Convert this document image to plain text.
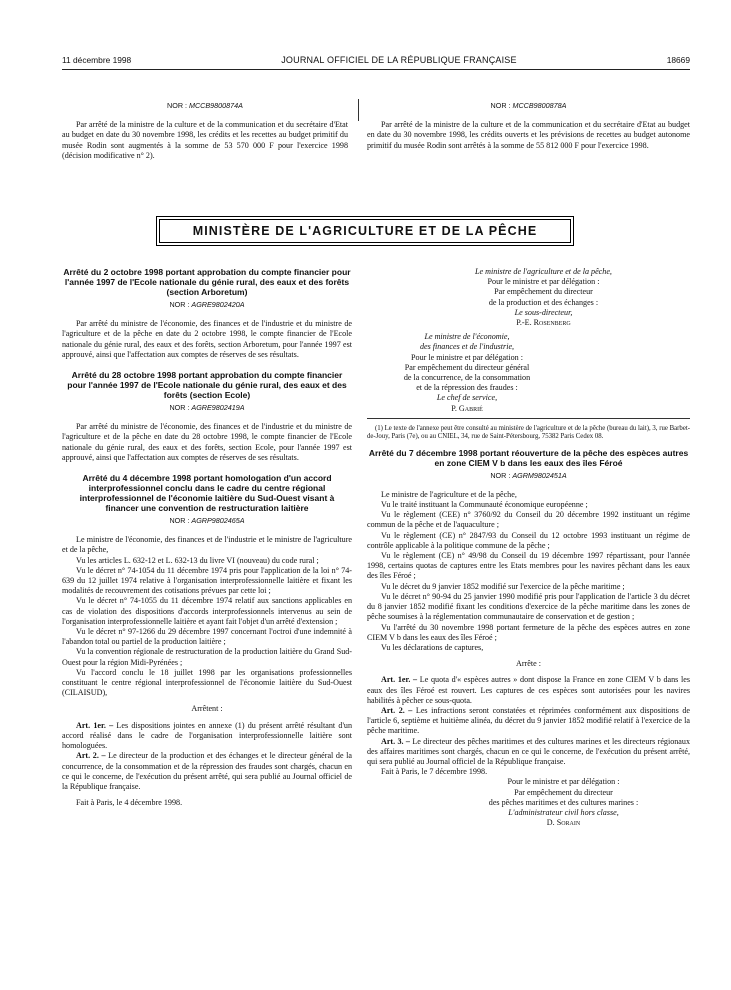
11 décembre 1998	JOURNAL OFFICIEL DE LA RÉPUBLIQUE FRANÇAISE	18669
NOR : MCCB9800874A

Par arrêté de la ministre de la culture et de la communication et du secrétaire d'Etat au budget en date du 30 novembre 1998, les crédits et les recettes au budget primitif du musée Rodin sont augmentés à la somme de 53 570 000 F pour l'exercice 1998 (décision modificative n° 2).

NOR : MCCB9800878A

Par arrêté de la ministre de la culture et de la communication et du secrétaire d'Etat au budget en date du 30 novembre 1998, les crédits ouverts et les prévisions de recettes au budget autonome primitif du musée Rodin sont arrêtés à la somme de 55 812 000 F pour l'exercice 1998.

MINISTÈRE DE L'AGRICULTURE ET DE LA PÊCHE
Arrêté du 2 octobre 1998 portant approbation du compte financier pour l'année 1997 de l'Ecole nationale du génie rural, des eaux et des forêts (section Arboretum)
NOR : AGRE9802420A

Par arrêté du ministre de l'économie, des finances et de l'industrie et du ministre de l'agriculture et de la pêche en date du 2 octobre 1998, le compte financier de l'Ecole nationale du génie rural, des eaux et des forêts, section Arboretum, pour l'année 1997 est approuvé, ainsi que l'affectation aux comptes de réserves de ses résultats.

Arrêté du 28 octobre 1998 portant approbation du compte financier pour l'année 1997 de l'Ecole nationale du génie rural, des eaux et des forêts (section Ecole)
NOR : AGRE9802419A

Par arrêté du ministre de l'économie, des finances et de l'industrie et du ministre de l'agriculture et de la pêche en date du 28 octobre 1998, le compte financier de l'Ecole nationale du génie rural, des eaux et des forêts, section Ecole, pour l'année 1997 est approuvé, ainsi que l'affectation aux comptes de réserves de ses résultats.

Arrêté du 4 décembre 1998 portant homologation d'un accord interprofessionnel conclu dans le cadre du centre régional interprofessionnel de l'économie laitière du Sud-Ouest visant à financer une convention de restructuration laitière
NOR : AGRP9802465A

Le ministre de l'économie, des finances et de l'industrie et le ministre de l'agriculture et de la pêche,

Vu les articles L. 632-12 et L. 632-13 du livre VI (nouveau) du code rural ;

Vu le décret n° 74-1054 du 11 décembre 1974 pris pour l'application de la loi n° 74-639 du 12 juillet 1974 relative à l'organisation interprofessionnelle laitière et fixant les modalités de recouvrement des cotisations prévues par cette loi ;

Vu le décret n° 74-1055 du 11 décembre 1974 relatif aux sanctions applicables en cas de violation des dispositions d'accords interprofessionnels intervenus au sein de l'organisation interprofessionnelle laitière et ayant fait l'objet d'un arrêté d'extension ;

Vu le décret n° 97-1266 du 29 décembre 1997 concernant l'octroi d'une indemnité à l'abandon total ou partiel de la production laitière ;

Vu la convention régionale de restructuration de la production laitière du Grand Sud-Ouest pour la région Midi-Pyrénées ;

Vu l'accord conclu le 18 juillet 1998 par les organisations professionnelles constituant le centre régional interprofessionnel de l'économie laitière du Sud-Ouest (CILAISUD),

Arrêtent :

Art. 1er. – Les dispositions jointes en annexe (1) du présent arrêté résultant d'un accord réalisé dans le cadre de l'organisation interprofessionnelle laitière sont homologuées.

Art. 2. – Le directeur de la production et des échanges et le directeur général de la concurrence, de la consommation et de la répression des fraudes sont chargés, chacun en ce qui le concerne, de l'exécution du présent arrêté, qui sera publié au Journal officiel de la République française.

Fait à Paris, le 4 décembre 1998.

Le ministre de l'agriculture et de la pêche,
Pour le ministre et par délégation :
Par empêchement du directeur
de la production et des échanges :
Le sous-directeur,
P.-E. Rosenberg
Le ministre de l'économie,
des finances et de l'industrie,
Pour le ministre et par délégation :
Par empêchement du directeur général
de la concurrence, de la consommation
et de la répression des fraudes :
Le chef de service,
P. Gabrié

(1) Le texte de l'annexe peut être consulté au ministère de l'agriculture et de la pêche (bureau du lait), 3, rue Barbet-de-Jouy, Paris (7e), ou au CNIEL, 34, rue de Saint-Pétersbourg, 75382 Paris Cedex 08.

Arrêté du 7 décembre 1998 portant réouverture de la pêche des espèces autres en zone CIEM V b dans les eaux des îles Féroé
NOR : AGRM9802451A

Le ministre de l'agriculture et de la pêche,

Vu le traité instituant la Communauté économique européenne ;

Vu le règlement (CEE) n° 3760/92 du Conseil du 20 décembre 1992 instituant un régime commun de la pêche et de l'aquaculture ;

Vu le règlement (CE) n° 2847/93 du Conseil du 12 octobre 1993 instituant un régime de contrôle applicable à la politique commune de la pêche ;

Vu le règlement (CE) n° 49/98 du Conseil du 19 décembre 1997 répartissant, pour l'année 1998, certains quotas de captures entre les Etats membres pour les navires pêchant dans les eaux des îles Féroé ;

Vu le décret du 9 janvier 1852 modifié sur l'exercice de la pêche maritime ;

Vu le décret n° 90-94 du 25 janvier 1990 modifié pris pour l'application de l'article 3 du décret du 8 janvier 1852 modifié fixant les conditions d'exercice de la pêche maritime dans les zones de pêche soumises à la réglementation communautaire de conservation et de gestion ;

Vu l'arrêté du 30 novembre 1998 portant fermeture de la pêche des espèces autres en zone CIEM V b dans les eaux des îles Féroé ;

Vu les déclarations de captures,

Arrête :

Art. 1er. – Le quota d'« espèces autres » dont dispose la France en zone CIEM V b dans les eaux des îles Féroé est rouvert. Les captures de ces espèces sont autorisées pour les navires habilités à pêcher ce sous-quota.

Art. 2. – Les infractions seront constatées et réprimées conformément aux dispositions de l'article 6, septième et huitième alinéa, du décret du 9 janvier 1852 modifié relatif à l'exercice de la pêche maritime.

Art. 3. – Le directeur des pêches maritimes et des cultures marines et les directeurs régionaux des affaires maritimes sont chargés, chacun en ce qui le concerne, de l'exécution du présent arrêté, qui sera publié au Journal officiel de la République française.

Fait à Paris, le 7 décembre 1998.

Pour le ministre et par délégation :
Par empêchement du directeur
des pêches maritimes et des cultures marines :
L'administrateur civil hors classe,
D. Sorain
